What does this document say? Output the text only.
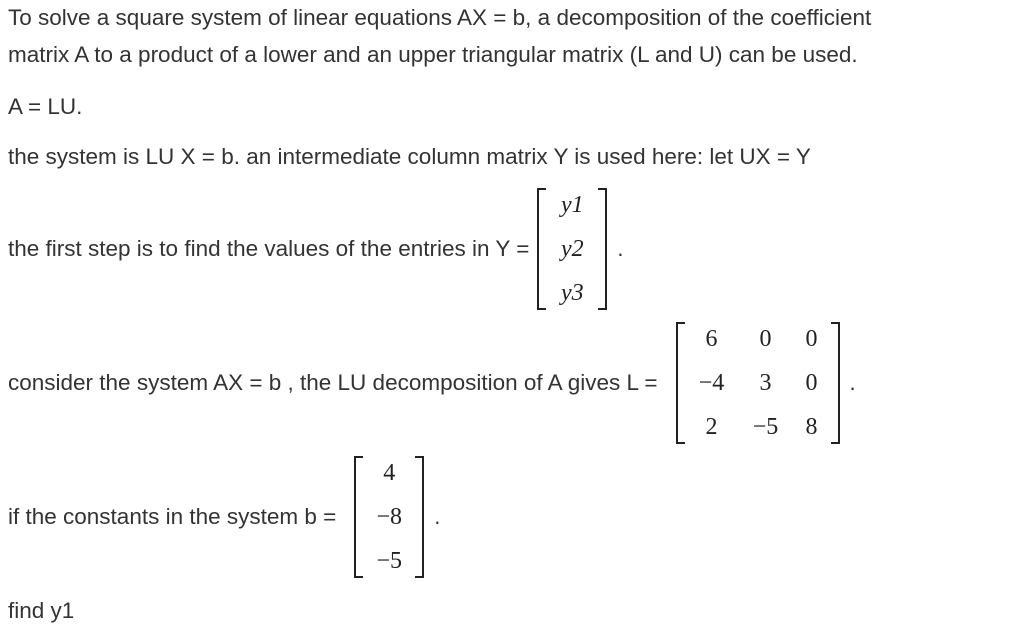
To solve a square system of linear equations AX = b, a decomposition of the coefficient
matrix A to a product of a lower and an upper triangular matrix (L and U) can be used.
A = LU.
the system is LU X = b. an intermediate column matrix Y is used here: let UX = Y
the first step is to find the values of the entries in Y =
y1
y2
y3
.
consider the system AX = b , the LU decomposition of A gives L =
6 0 0
−4 3 0
2 −5 8
.
if the constants in the system b =
4
−8
−5
.
find y1
